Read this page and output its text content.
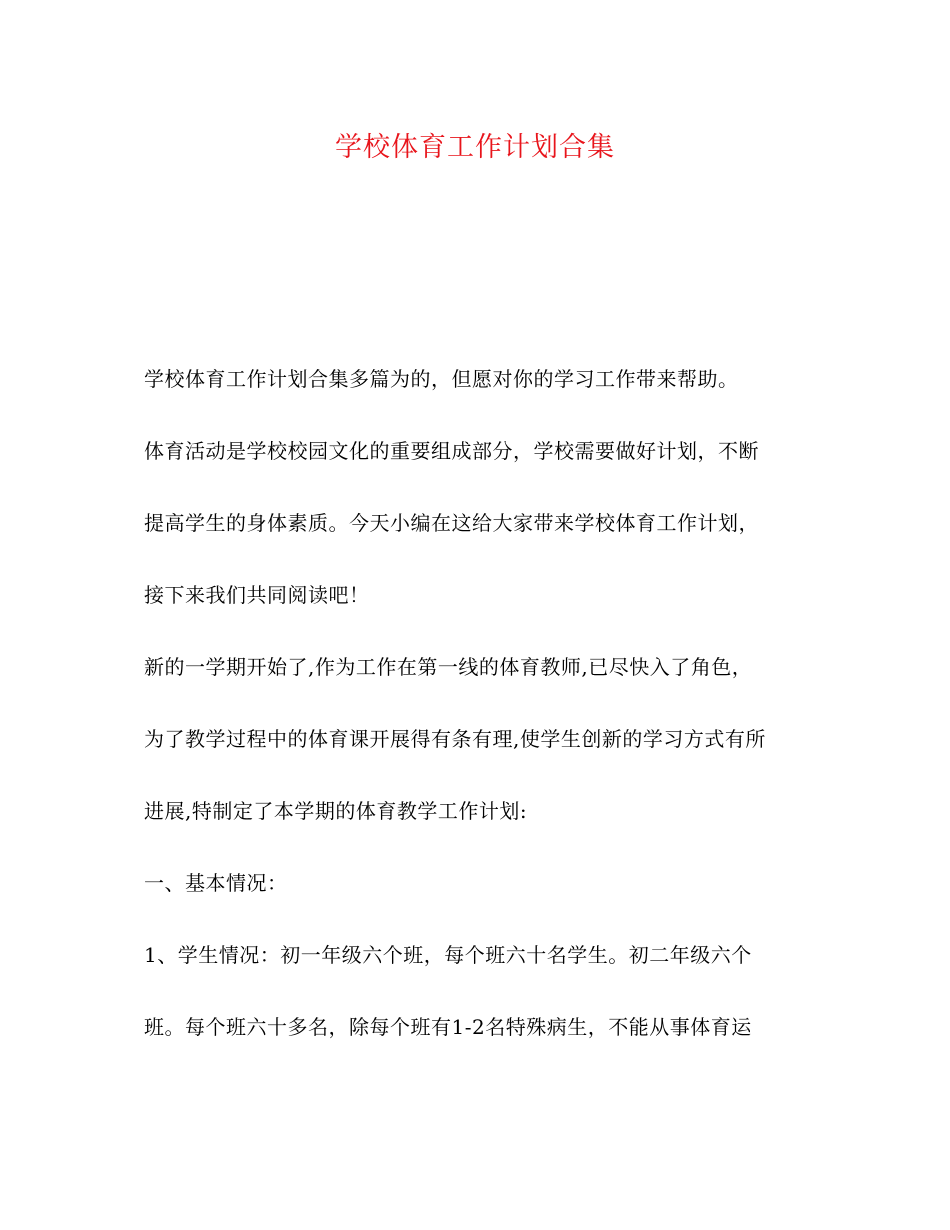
学校体育工作计划合集
学校体育工作计划合集多篇为的，但愿对你的学习工作带来帮助。
体育活动是学校校园文化的重要组成部分，学校需要做好计划，不断
提高学生的身体素质。今天小编在这给大家带来学校体育工作计划，
接下来我们共同阅读吧！
新的一学期开始了,作为工作在第一线的体育教师,已尽快入了角色，
为了教学过程中的体育课开展得有条有理,使学生创新的学习方式有所
进展,特制定了本学期的体育教学工作计划:
一、基本情况：
1、学生情况：初一年级六个班，每个班六十名学生。初二年级六个
班。每个班六十多名，除每个班有1-2名特殊病生，不能从事体育运
